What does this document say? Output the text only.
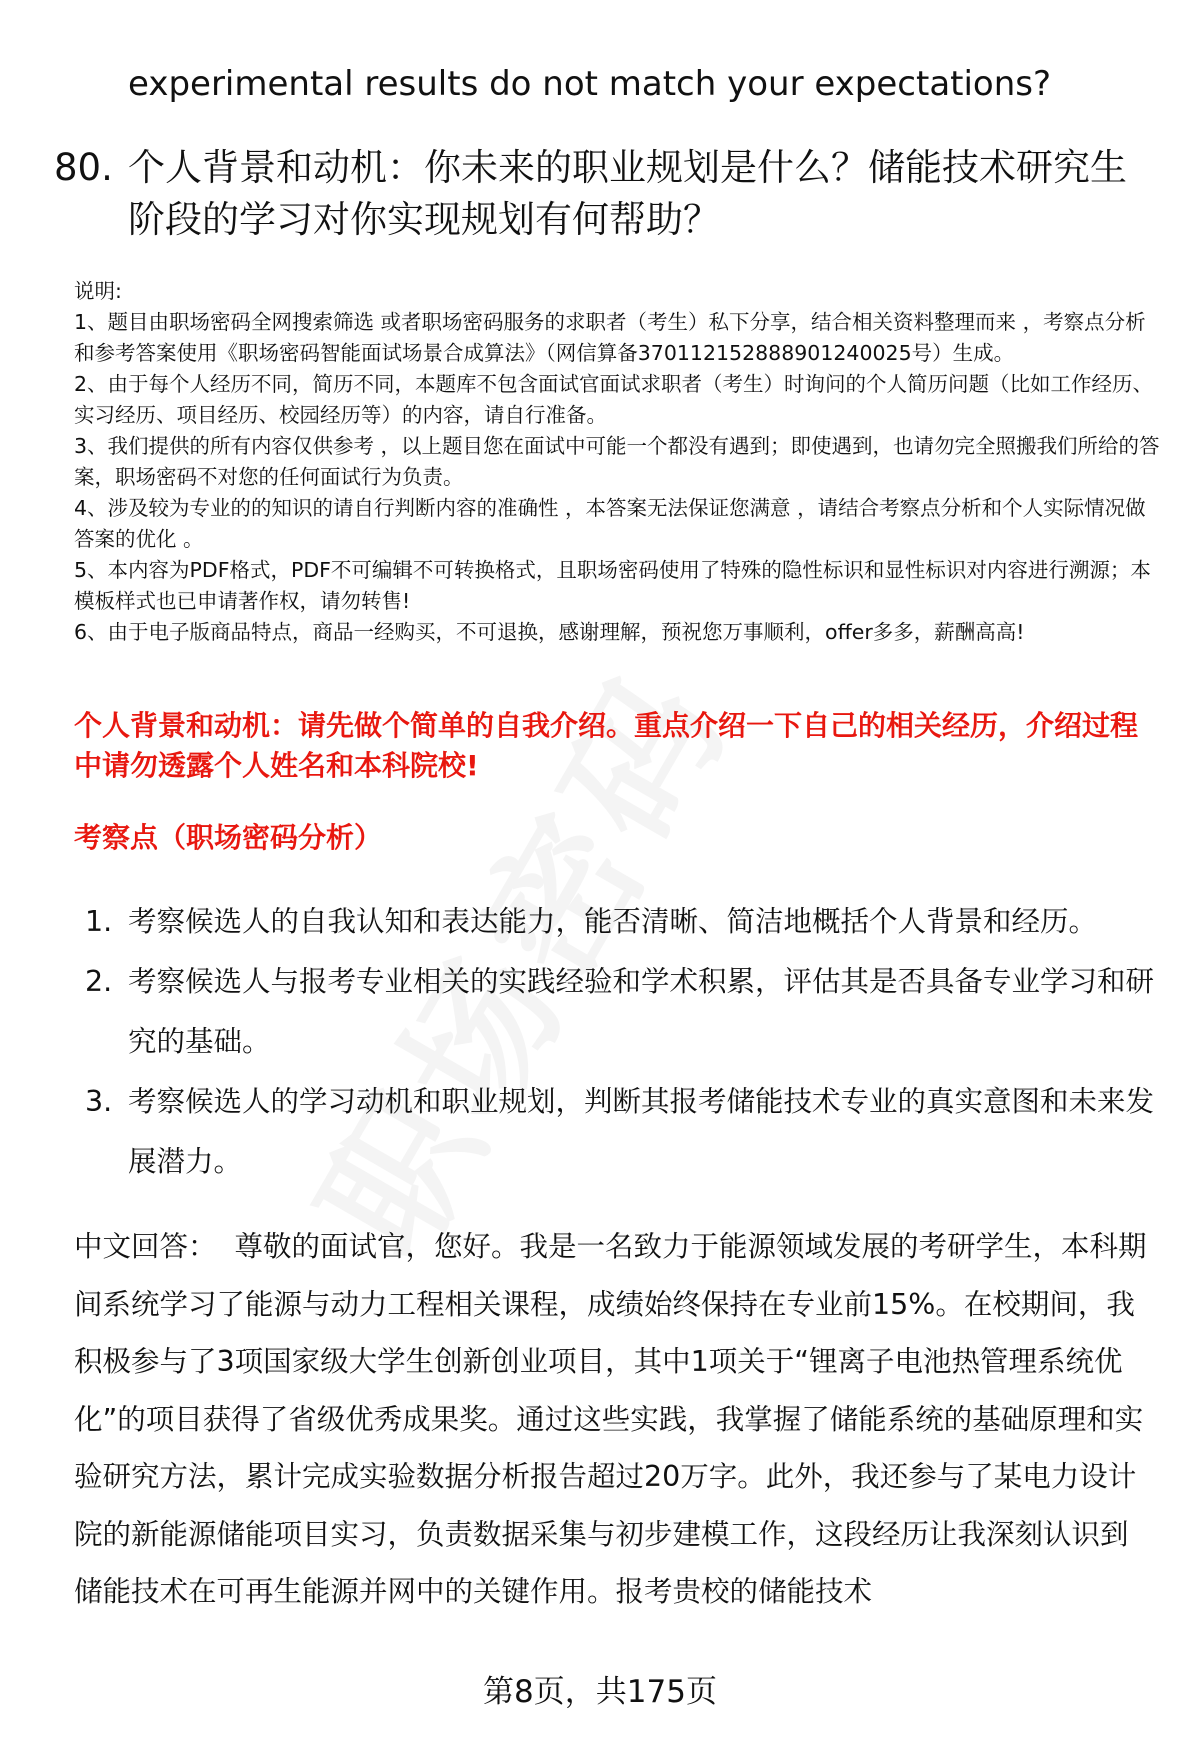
experimental results do not match your expectations?
80. 个人背景和动机：你未来的职业规划是什么？储能技术研究生阶段的学习对你实现规划有何帮助？
说明:
1、题目由职场密码全网搜索筛选 或者职场密码服务的求职者（考生）私下分享，结合相关资料整理而来 ，考察点分析和参考答案使用《职场密码智能面试场景合成算法》（网信算备370112152888901240025号）生成。
2、由于每个人经历不同，简历不同，本题库不包含面试官面试求职者（考生）时询问的个人简历问题（比如工作经历、实习经历、项目经历、校园经历等）的内容，请自行准备。
3、我们提供的所有内容仅供参考 ，以上题目您在面试中可能一个都没有遇到；即使遇到，也请勿完全照搬我们所给的答案，职场密码不对您的任何面试行为负责。
4、涉及较为专业的的知识的请自行判断内容的准确性 ，本答案无法保证您满意 ，请结合考察点分析和个人实际情况做答案的优化 。
5、本内容为PDF格式，PDF不可编辑不可转换格式，且职场密码使用了特殊的隐性标识和显性标识对内容进行溯源；本模板样式也已申请著作权，请勿转售!
6、由于电子版商品特点，商品一经购买，不可退换，感谢理解，预祝您万事顺利，offer多多，薪酬高高!
个人背景和动机：请先做个简单的自我介绍。重点介绍一下自己的相关经历，介绍过程中请勿透露个人姓名和本科院校!
考察点（职场密码分析）
1. 考察候选人的自我认知和表达能力，能否清晰、简洁地概括个人背景和经历。
2. 考察候选人与报考专业相关的实践经验和学术积累，评估其是否具备专业学习和研究的基础。
3. 考察候选人的学习动机和职业规划，判断其报考储能技术专业的真实意图和未来发展潜力。
中文回答： 尊敬的面试官，您好。我是一名致力于能源领域发展的考研学生，本科期间系统学习了能源与动力工程相关课程，成绩始终保持在专业前15%。在校期间，我积极参与了3项国家级大学生创新创业项目，其中1项关于“锂离子电池热管理系统优化”的项目获得了省级优秀成果奖。通过这些实践，我掌握了储能系统的基础原理和实验研究方法，累计完成实验数据分析报告超过20万字。此外，我还参与了某电力设计院的新能源储能项目实习，负责数据采集与初步建模工作，这段经历让我深刻认识到储能技术在可再生能源并网中的关键作用。报考贵校的储能技术
第8页，共175页
